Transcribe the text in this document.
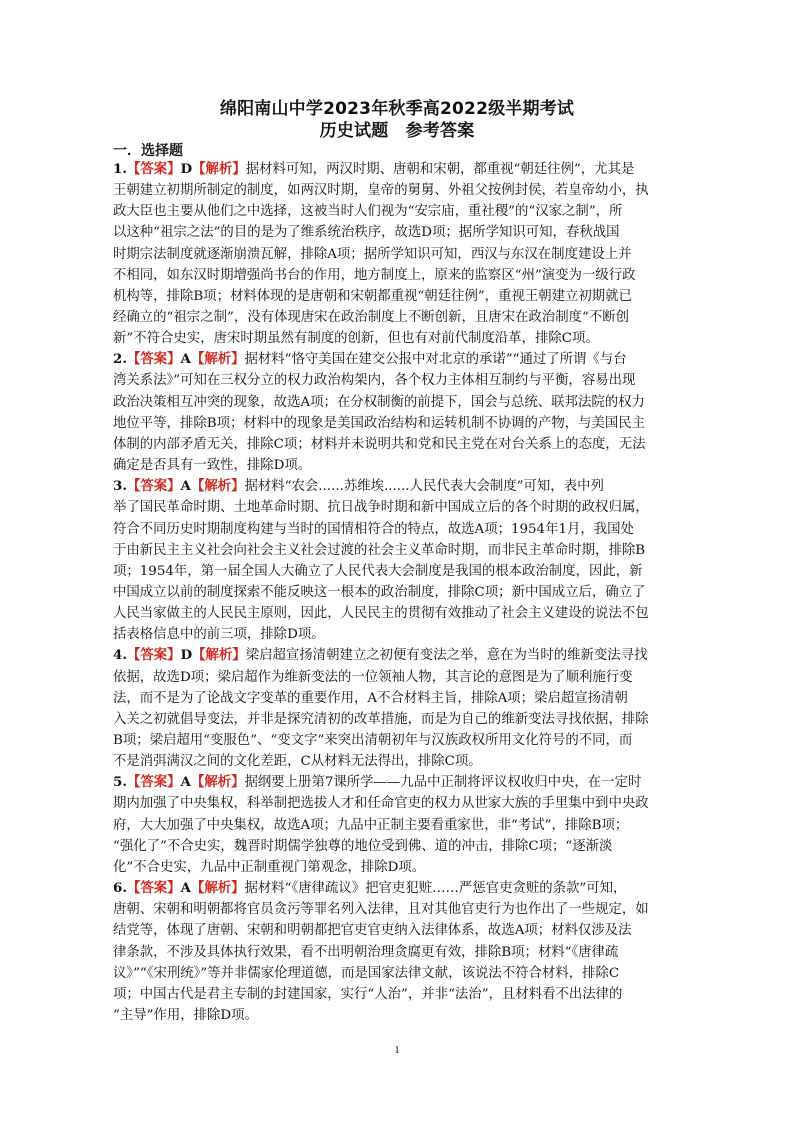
绵阳南山中学2023年秋季高2022级半期考试
历史试题　参考答案
一．选择题
1.【答案】D【解析】据材料可知，两汉时期、唐朝和宋朝，都重视“朝廷往例”，尤其是
王朝建立初期所制定的制度，如两汉时期，皇帝的舅舅、外祖父按例封侯，若皇帝幼小，执
政大臣也主要从他们之中选择，这被当时人们视为“安宗庙，重社稷”的“汉家之制”，所
以这种“祖宗之法”的目的是为了维系统治秩序，故选D项；据所学知识可知，春秋战国
时期宗法制度就逐渐崩溃瓦解，排除A项；据所学知识可知，西汉与东汉在制度建设上并
不相同，如东汉时期增强尚书台的作用，地方制度上，原来的监察区“州”演变为一级行政
机构等，排除B项；材料体现的是唐朝和宋朝都重视“朝廷往例”，重视王朝建立初期就已
经确立的“祖宗之制”，没有体现唐宋在政治制度上不断创新，且唐宋在政治制度“不断创
新”不符合史实，唐宋时期虽然有制度的创新，但也有对前代制度沿革，排除C项。
2.【答案】A【解析】据材料“恪守美国在建交公报中对北京的承诺”“通过了所谓《与台
湾关系法》”可知在三权分立的权力政治构架内，各个权力主体相互制约与平衡，容易出现
政治决策相互冲突的现象，故选A项；在分权制衡的前提下，国会与总统、联邦法院的权力
地位平等，排除B项；材料中的现象是美国政治结构和运转机制不协调的产物，与美国民主
体制的内部矛盾无关，排除C项；材料并未说明共和党和民主党在对台关系上的态度，无法
确定是否具有一致性，排除D项。
3.【答案】A【解析】据材料“农会......苏维埃......人民代表大会制度”可知，表中列
举了国民革命时期、土地革命时期、抗日战争时期和新中国成立后的各个时期的政权归属，
符合不同历史时期制度构建与当时的国情相符合的特点，故选A项；1954年1月，我国处
于由新民主主义社会向社会主义社会过渡的社会主义革命时期，而非民主革命时期，排除B
项；1954年，第一届全国人大确立了人民代表大会制度是我国的根本政治制度，因此，新
中国成立以前的制度探索不能反映这一根本的政治制度，排除C项；新中国成立后，确立了
人民当家做主的人民民主原则，因此，人民民主的贯彻有效推动了社会主义建设的说法不包
括表格信息中的前三项，排除D项。
4.【答案】D【解析】梁启超宣扬清朝建立之初便有变法之举，意在为当时的维新变法寻找
依据，故选D项；梁启超作为维新变法的一位领袖人物，其言论的意图是为了顺利施行变
法，而不是为了论战文字变革的重要作用，A不合材料主旨，排除A项；梁启超宣扬清朝
入关之初就倡导变法，并非是探究清初的改革措施，而是为自己的维新变法寻找依据，排除
B项；梁启超用“变服色”、“变文字”来突出清朝初年与汉族政权所用文化符号的不同，而
不是消弭满汉之间的文化差距，C从材料无法得出，排除C项。
5.【答案】A【解析】据纲要上册第7课所学——九品中正制将评议权收归中央，在一定时
期内加强了中央集权，科举制把选拔人才和任命官吏的权力从世家大族的手里集中到中央政
府，大大加强了中央集权，故选A项；九品中正制主要看重家世，非“考试”，排除B项；
“强化了”不合史实，魏晋时期儒学独尊的地位受到佛、道的冲击，排除C项；“逐渐淡
化”不合史实，九品中正制重视门第观念，排除D项。
6.【答案】A【解析】据材料“《唐律疏议》把官吏犯赃……严惩官吏贪赃的条款”可知，
唐朝、宋朝和明朝都将官员贪污等罪名列入法律，且对其他官吏行为也作出了一些规定，如
结党等，体现了唐朝、宋朝和明朝都把官吏官吏纳入法律体系，故选A项；材料仅涉及法
律条款，不涉及具体执行效果，看不出明朝治理贪腐更有效，排除B项；材料“《唐律疏
议》”“《宋刑统》”等并非儒家伦理道德，而是国家法律文献，该说法不符合材料，排除C
项；中国古代是君主专制的封建国家，实行“人治”，并非“法治”，且材料看不出法律的
“主导”作用，排除D项。
1
